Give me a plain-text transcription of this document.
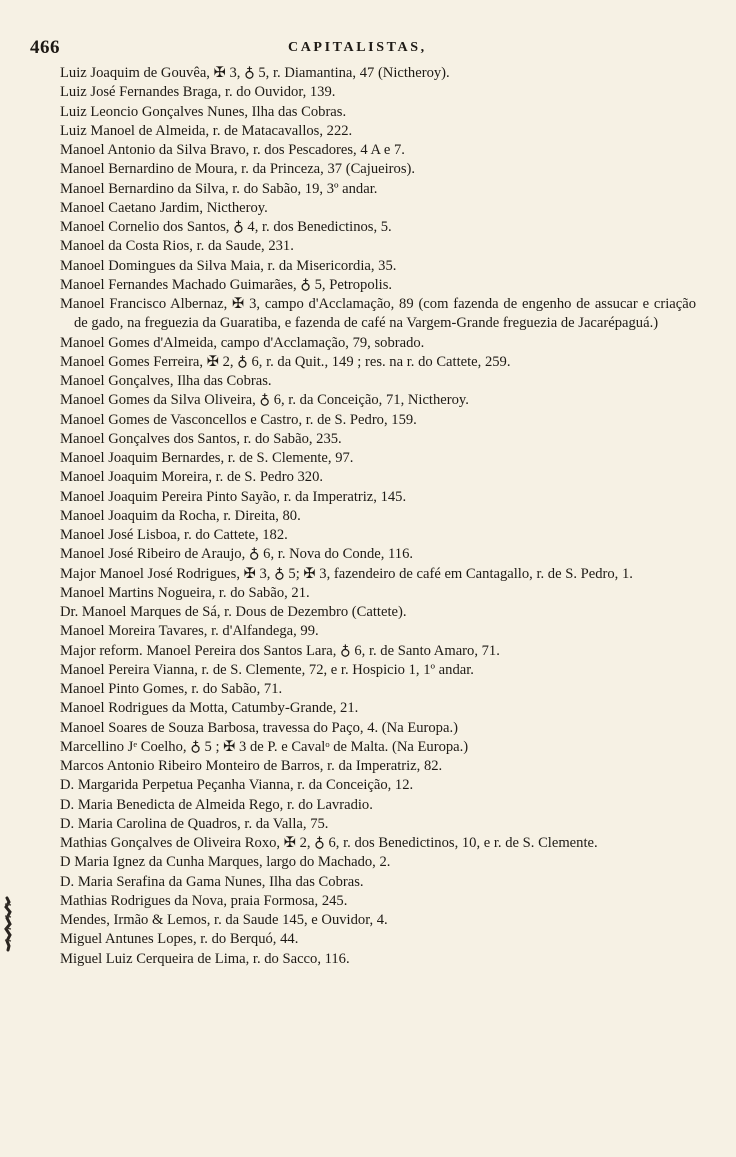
466	CAPITALISTAS,
Luiz Joaquim de Gouvêa, ✠ 3, ♁ 5, r. Diamantina, 47 (Nictheroy).
Luiz José Fernandes Braga, r. do Ouvidor, 139.
Luiz Leoncio Gonçalves Nunes, Ilha das Cobras.
Luiz Manoel de Almeida, r. de Matacavallos, 222.
Manoel Antonio da Silva Bravo, r. dos Pescadores, 4 A e 7.
Manoel Bernardino de Moura, r. da Princeza, 37 (Cajueiros).
Manoel Bernardino da Silva, r. do Sabão, 19, 3º andar.
Manoel Caetano Jardim, Nictheroy.
Manoel Cornelio dos Santos, ♁ 4, r. dos Benedictinos, 5.
Manoel da Costa Rios, r. da Saude, 231.
Manoel Domingues da Silva Maia, r. da Misericordia, 35.
Manoel Fernandes Machado Guimarães, ♁ 5, Petropolis.
Manoel Francisco Albernaz, ✠ 3, campo d'Acclamação, 89 (com fazenda de engenho de assucar e criação de gado, na freguezia da Guaratiba, e fazenda de café na Vargem-Grande freguezia de Jacarépaguá.)
Manoel Gomes d'Almeida, campo d'Acclamação, 79, sobrado.
Manoel Gomes Ferreira, ✠ 2, ♁ 6, r. da Quit., 149 ; res. na r. do Cattete, 259.
Manoel Gonçalves, Ilha das Cobras.
Manoel Gomes da Silva Oliveira, ♁ 6, r. da Conceição, 71, Nictheroy.
Manoel Gomes de Vasconcellos e Castro, r. de S. Pedro, 159.
Manoel Gonçalves dos Santos, r. do Sabão, 235.
Manoel Joaquim Bernardes, r. de S. Clemente, 97.
Manoel Joaquim Moreira, r. de S. Pedro 320.
Manoel Joaquim Pereira Pinto Sayão, r. da Imperatriz, 145.
Manoel Joaquim da Rocha, r. Direita, 80.
Manoel José Lisboa, r. do Cattete, 182.
Manoel José Ribeiro de Araujo, ♁ 6, r. Nova do Conde, 116.
Major Manoel José Rodrigues, ✠ 3, ♁ 5; ✠ 3, fazendeiro de café em Cantagallo, r. de S. Pedro, 1.
Manoel Martins Nogueira, r. do Sabão, 21.
Dr. Manoel Marques de Sá, r. Dous de Dezembro (Cattete).
Manoel Moreira Tavares, r. d'Alfandega, 99.
Major reform. Manoel Pereira dos Santos Lara, ♁ 6, r. de Santo Amaro, 71.
Manoel Pereira Vianna, r. de S. Clemente, 72, e r. Hospicio 1, 1º andar.
Manoel Pinto Gomes, r. do Sabão, 71.
Manoel Rodrigues da Motta, Catumby-Grande, 21.
Manoel Soares de Souza Barbosa, travessa do Paço, 4. (Na Europa.)
Marcellino Jᵉ Coelho, ♁ 5 ; ✠ 3 de P. e Cavalᵒ de Malta. (Na Europa.)
Marcos Antonio Ribeiro Monteiro de Barros, r. da Imperatriz, 82.
D. Margarida Perpetua Peçanha Vianna, r. da Conceição, 12.
D. Maria Benedicta de Almeida Rego, r. do Lavradio.
D. Maria Carolina de Quadros, r. da Valla, 75.
Mathias Gonçalves de Oliveira Roxo, ✠ 2, ♁ 6, r. dos Benedictinos, 10, e r. de S. Clemente.
D Maria Ignez da Cunha Marques, largo do Machado, 2.
D. Maria Serafina da Gama Nunes, Ilha das Cobras.
Mathias Rodrigues da Nova, praia Formosa, 245.
Mendes, Irmão & Lemos, r. da Saude 145, e Ouvidor, 4.
Miguel Antunes Lopes, r. do Berquó, 44.
Miguel Luiz Cerqueira de Lima, r. do Sacco, 116.
